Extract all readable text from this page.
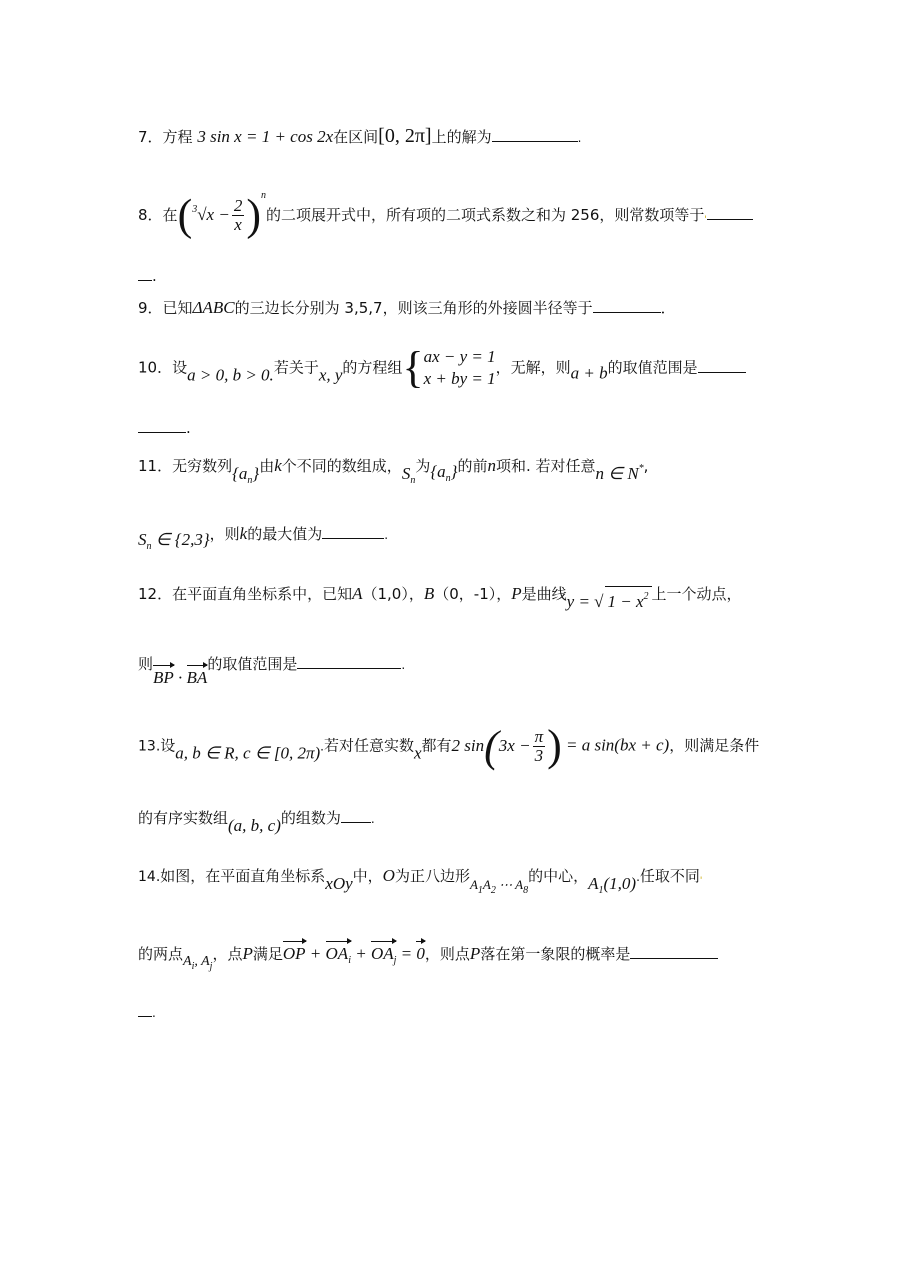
7．方程 3 sin x = 1 + cos 2x在区间[0, 2π]上的解为	.
8．在$(^3√x - \frac{2}{x} )^n$的二项展开式中，所有项的二项式系数之和为 256，则常数项等于'
.
9．已知ΔABC的三边长分别为 3,5,7，则该三角形的外接圆半径等于	．
10．设a > 0, b > 0.若关于x, y的方程组{ ax − y = 1
x + by = 1
，无解，则a + b的取值范围是
.
11．无穷数列$\{a_n\}$由k个不同的数组成，$S_n$为$\{a_n\}$的前n项和. 若对任意n ∈ N*,
$S_n$ ∈ {2,3}，则k的最大值为	.
12．在平面直角坐标系中，已知A（1,0），B（0，-1），P是曲线y = √ $1 - x^2$ 上一个动点，
则BP · BA的取值范围是	.
13.设a, b ∈ R, c ∈ [0, 2π).若对任意实数x都有2 $\sin(3x - \frac{\pi}{3}$ ) = a sin(bx + c)，则满足条件
的有序实数组(a, b, c)的组数为	.
14.如图，在平面直角坐标系xOy中，O为正八边形$A_1A_2$ ⋯ $A_8$的中心，$A_1(1,0)$.任取不同'
的两点$A_i$, $A_j$，点P满足OP + $OA_i + OA_j = 0$，则点P落在第一象限的概率是
.
